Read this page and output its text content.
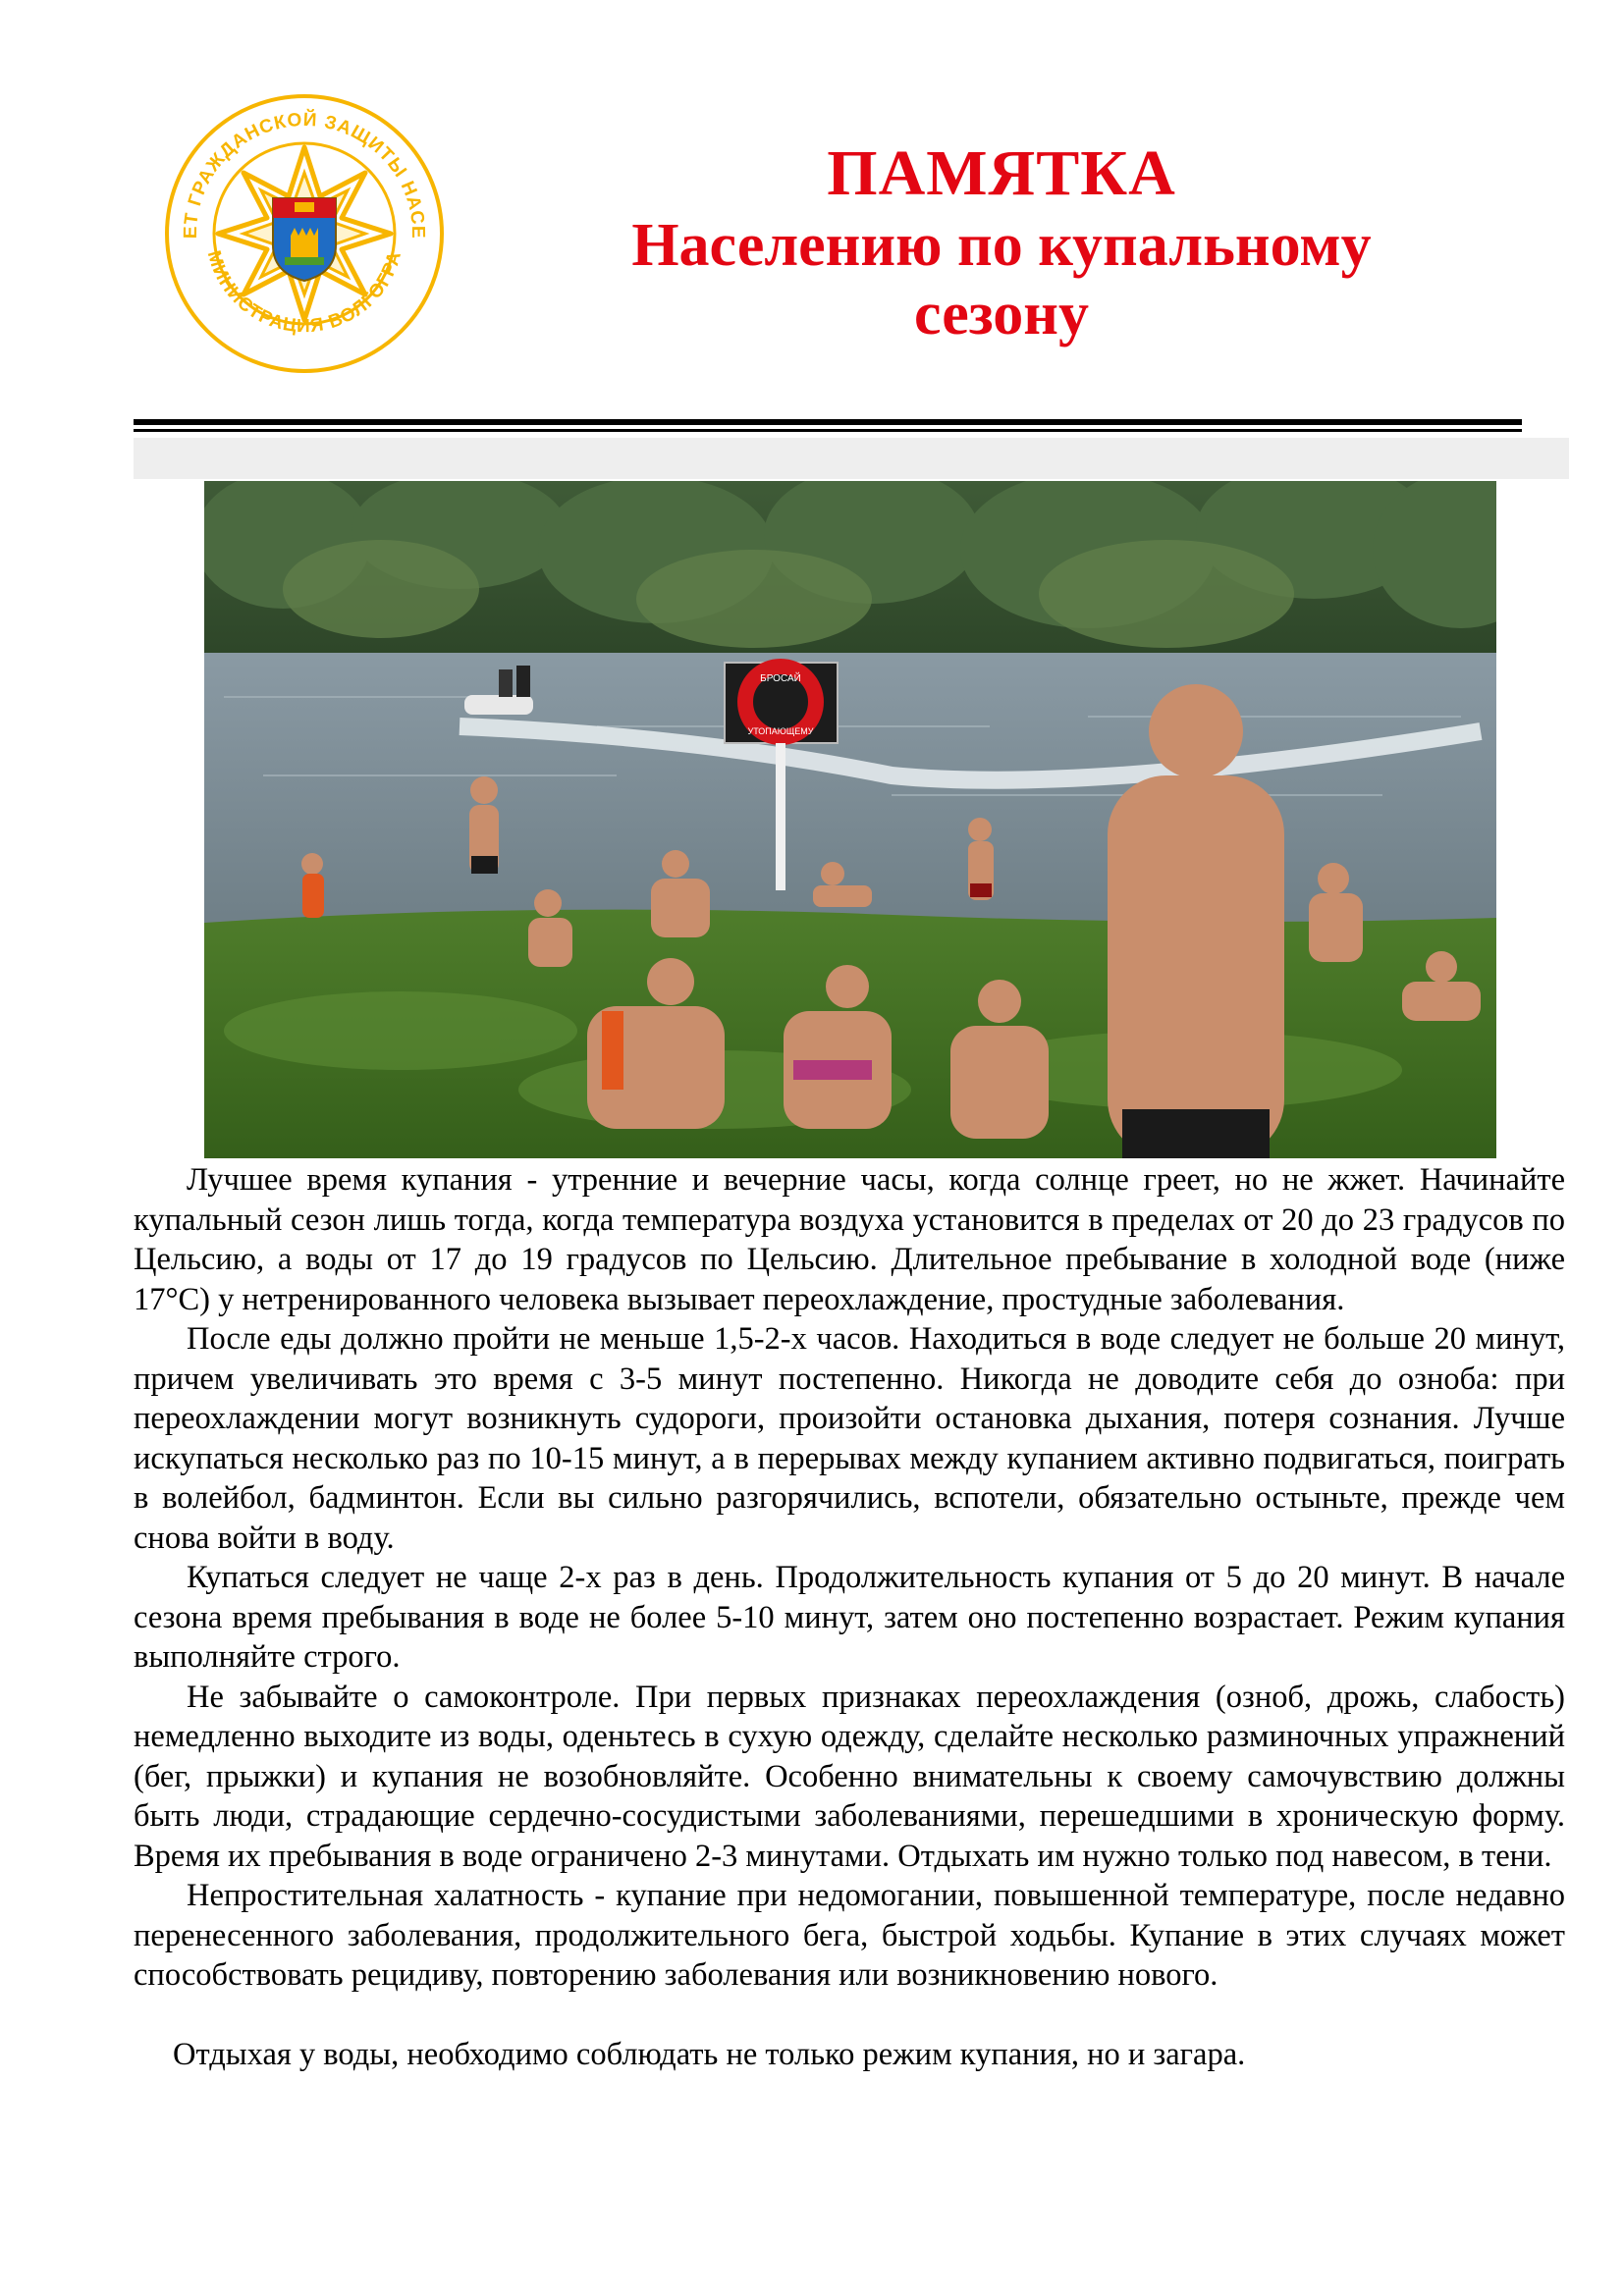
ЕТ ГРАЖДАНСКОЙ ЗАЩИТЫ НАСЕ
МИНИСТРАЦИЯ ВОЛГОГРА
ПАМЯТКА
Населению по купальному
сезону
БРОСАЙ
УТОПАЮЩЕМУ

Лучшее время купания - утренние и вечерние часы, когда солнце греет, но не жжет. Начинайте купальный сезон лишь тогда, когда температура воздуха установится в пределах от 20 до 23 градусов по Цельсию, а воды от 17 до 19 градусов по Цельсию. Длительное пребывание в холодной воде (ниже 17°С) у нетренированного человека вызывает переохлаждение, простудные заболевания.

После еды должно пройти не меньше 1,5-2-х часов. Находиться в воде следует не больше 20 минут, причем увеличивать это время с 3-5 минут постепенно. Никогда не доводите себя до озноба: при переохлаждении могут возникнуть судороги, произойти остановка дыхания, потеря сознания. Лучше искупаться несколько раз по 10-15 минут, а в перерывах между купанием активно подвигаться, поиграть в волейбол, бадминтон. Если вы сильно разгорячились, вспотели, обязательно остыньте, прежде чем снова войти в воду.

Купаться следует не чаще 2-х раз в день. Продолжительность купания от 5 до 20 минут. В начале сезона время пребывания в воде не более 5-10 минут, затем оно постепенно возрастает. Режим купания выполняйте строго.

Не забывайте о самоконтроле. При первых признаках переохлаждения (озноб, дрожь, слабость) немедленно выходите из воды, оденьтесь в сухую одежду, сделайте несколько разминочных упражнений (бег, прыжки) и купания не возобновляйте. Особенно внимательны к своему самочувствию должны быть люди, страдающие сердечно-сосудистыми заболеваниями, перешедшими в хроническую форму. Время их пребывания в воде ограничено 2-3 минутами. Отдыхать им нужно только под навесом, в тени.

Непростительная халатность - купание при недомогании, повышенной температуре, после недавно перенесенного заболевания, продолжительного бега, быстрой ходьбы. Купание в этих случаях может способствовать рецидиву, повторению заболевания или возникновению нового.

Отдыхая у воды, необходимо соблюдать не только режим купания, но и загара.
